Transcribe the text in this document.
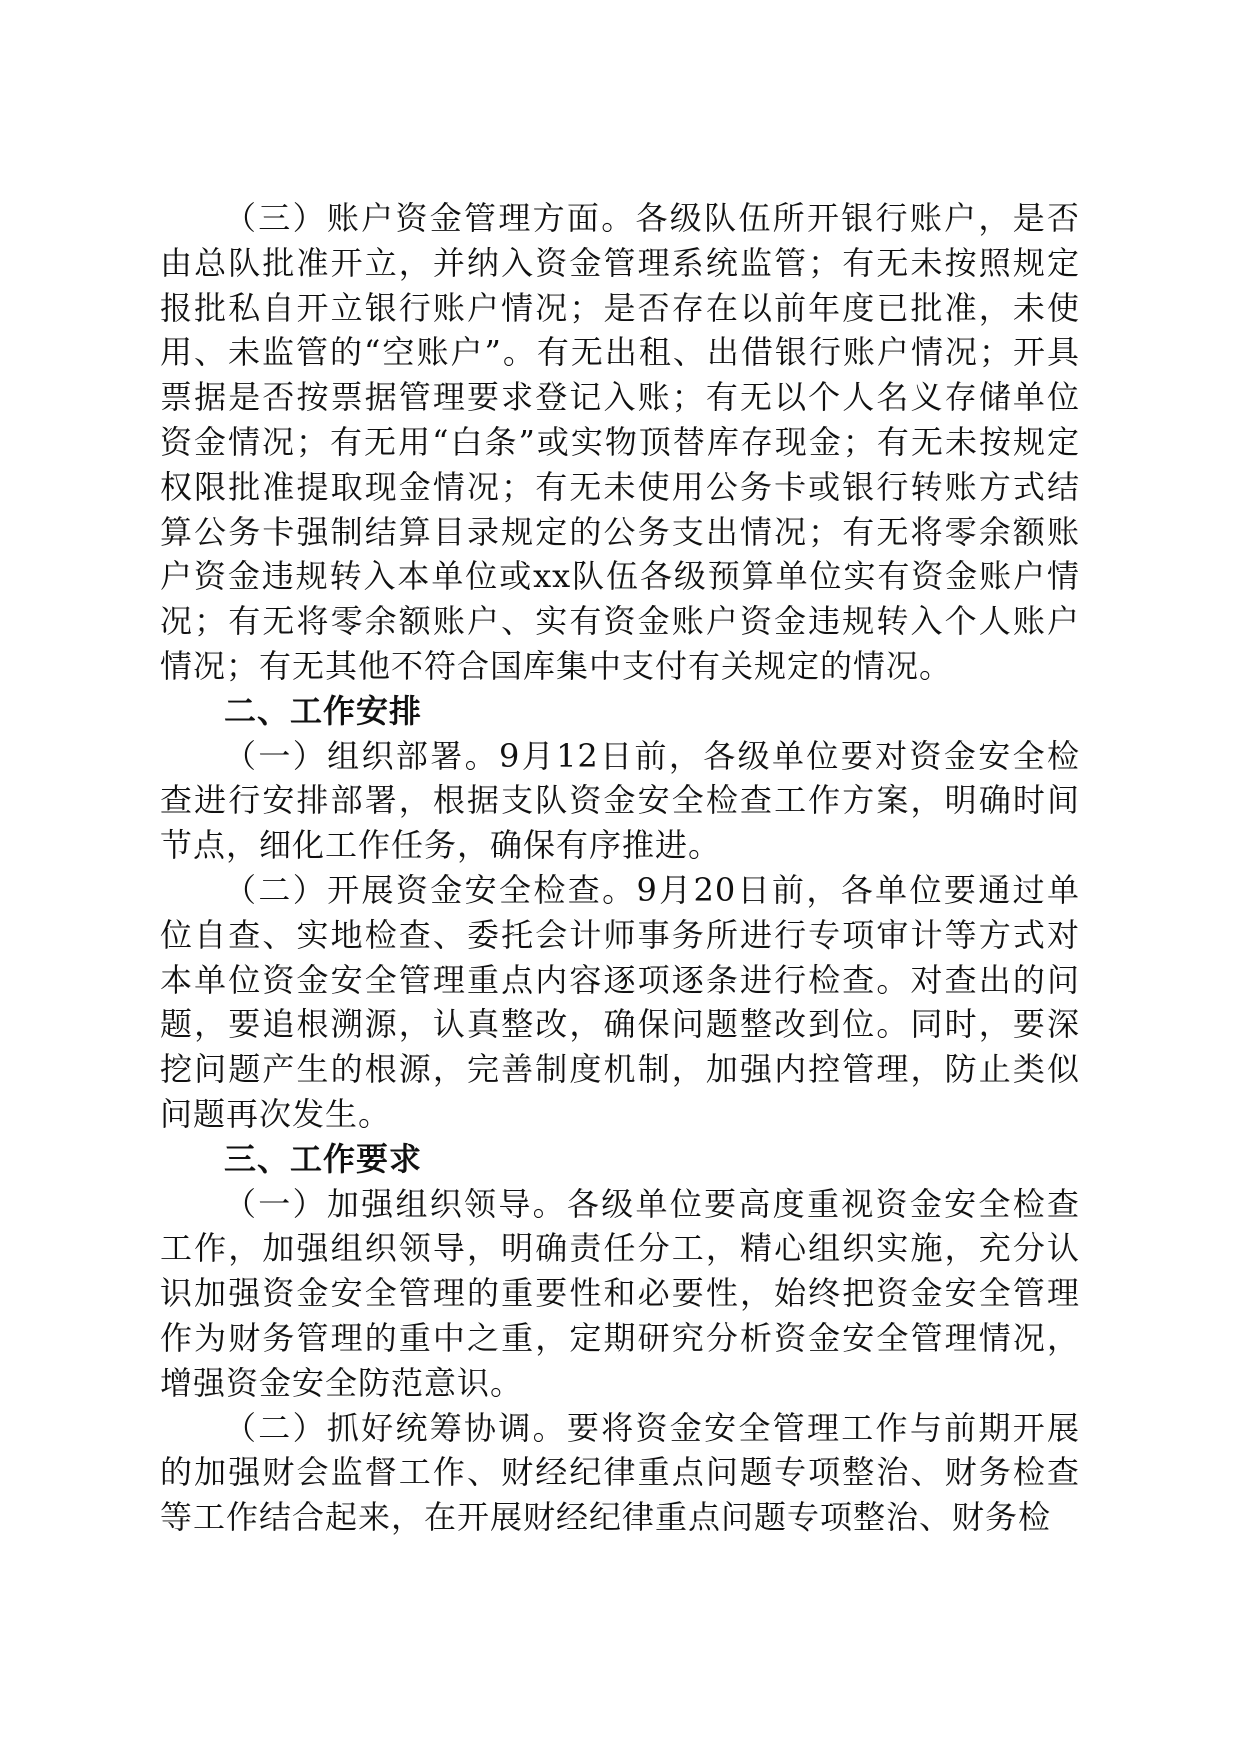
（三）账户资金管理方面。各级队伍所开银行账户，是否由总队批准开立，并纳入资金管理系统监管；有无未按照规定报批私自开立银行账户情况；是否存在以前年度已批准，未使用、未监管的“空账户”。有无出租、出借银行账户情况；开具票据是否按票据管理要求登记入账；有无以个人名义存储单位资金情况；有无用“白条”或实物顶替库存现金；有无未按规定权限批准提取现金情况；有无未使用公务卡或银行转账方式结算公务卡强制结算目录规定的公务支出情况；有无将零余额账户资金违规转入本单位或xx队伍各级预算单位实有资金账户情况；有无将零余额账户、实有资金账户资金违规转入个人账户情况；有无其他不符合国库集中支付有关规定的情况。

二、工作安排

（一）组织部署。9月12日前，各级单位要对资金安全检查进行安排部署，根据支队资金安全检查工作方案，明确时间节点，细化工作任务，确保有序推进。

（二）开展资金安全检查。9月20日前，各单位要通过单位自查、实地检查、委托会计师事务所进行专项审计等方式对本单位资金安全管理重点内容逐项逐条进行检查。对查出的问题，要追根溯源，认真整改，确保问题整改到位。同时，要深挖问题产生的根源，完善制度机制，加强内控管理，防止类似问题再次发生。

三、工作要求

（一）加强组织领导。各级单位要高度重视资金安全检查工作，加强组织领导，明确责任分工，精心组织实施，充分认识加强资金安全管理的重要性和必要性，始终把资金安全管理作为财务管理的重中之重，定期研究分析资金安全管理情况，增强资金安全防范意识。

（二）抓好统筹协调。要将资金安全管理工作与前期开展的加强财会监督工作、财经纪律重点问题专项整治、财务检查等工作结合起来，在开展财经纪律重点问题专项整治、财务检
